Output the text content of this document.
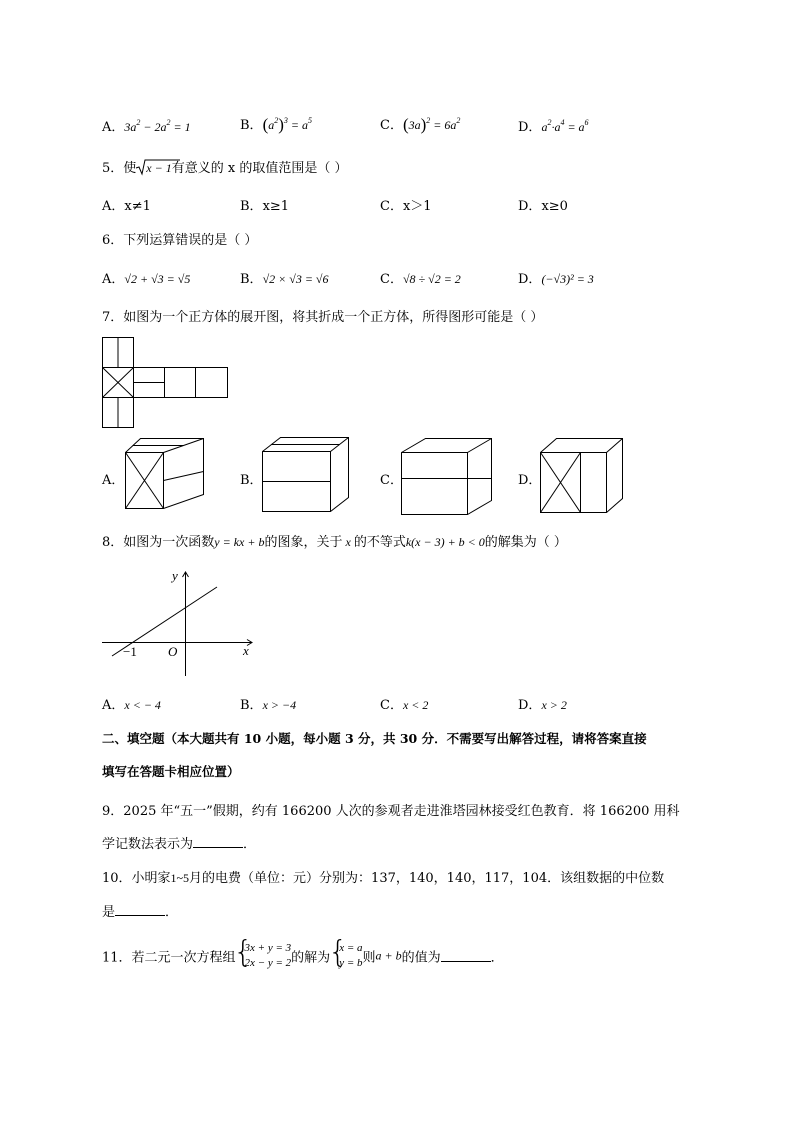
A．$3a^2 - 2a^2 = 1$	B．$(a^2)^3 = a^5$	C．$(3a)^2 = 6a^2$	D．$a^2\cdot a^4 = a^6$
5．使 x − 1有意义的 x 的取值范围是（ ）
A．x≠1	B．x≥1	C．x＞1	D．x≥0
6．下列运算错误的是（ ）
A．√2 + √3 = √5	B．√2 × √3 = √6	C．√8 ÷ √2 = 2	D．(−√3)² = 3
7．如图为一个正方体的展开图，将其折成一个正方体，所得图形可能是（ ）
A．	B．	C．	D．
8．如图为一次函数y = kx + b的图象，关于 x 的不等式k(x − 3) + b < 0的解集为（ ）
y
x
O
−1
A．x < − 4	B．x > −4	C．x < 2	D．x > 2
二、填空题（本大题共有 10 小题，每小题 3 分，共 30 分．不需要写出解答过程，请将答案直接
填写在答题卡相应位置）
9．2025 年“五一”假期，约有 166200 人次的参观者走进淮塔园林接受红色教育．将 166200 用科
学记数法表示为	．
10．小明家1~5月的电费（单位：元）分别为：137，140，140，117，104．该组数据的中位数
是	．
11．若二元一次方程组{ 3x + y = 3
2x − y = 2的解为{ x = a
y = b则a + b的值为	．
